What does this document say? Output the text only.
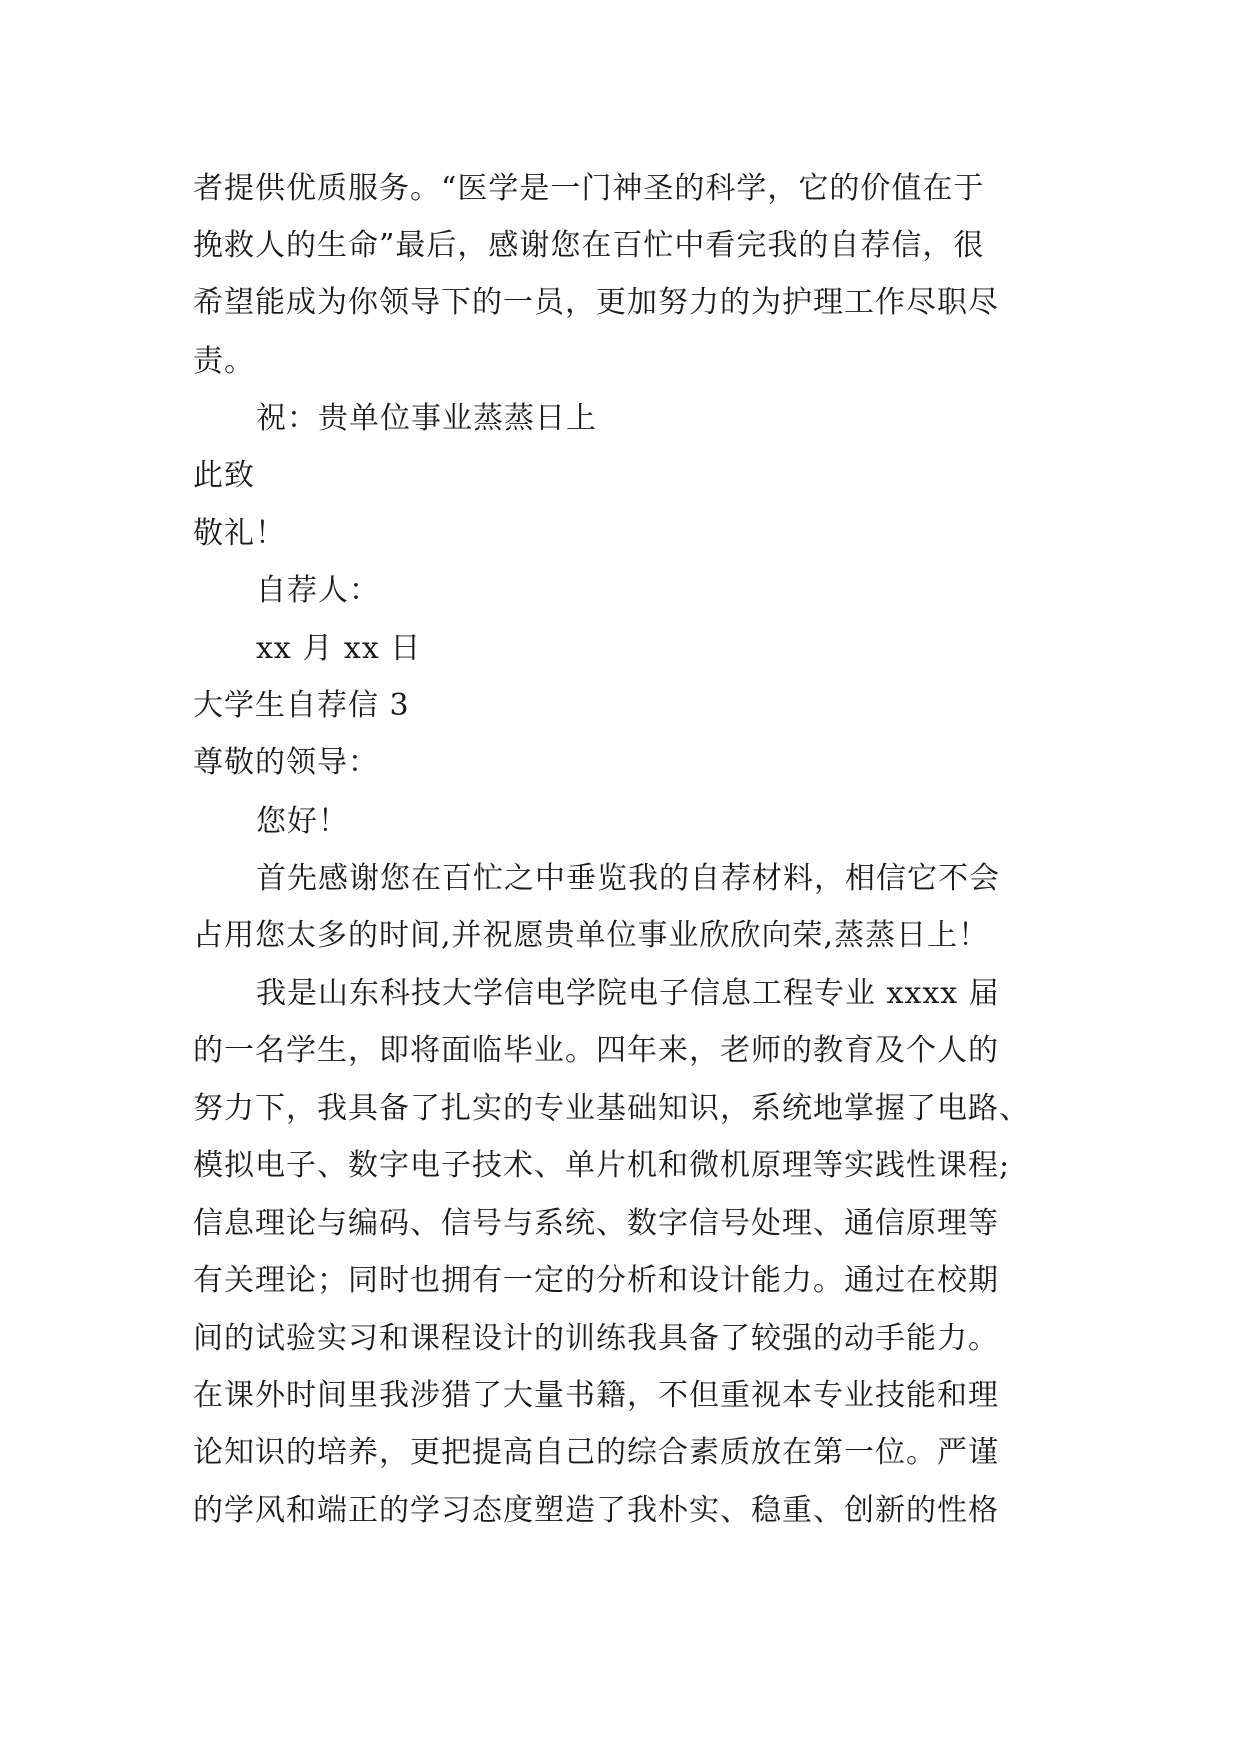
者提供优质服务。“医学是一门神圣的科学，它的价值在于
挽救人的生命”最后，感谢您在百忙中看完我的自荐信，很
希望能成为你领导下的一员，更加努力的为护理工作尽职尽
责。
祝：贵单位事业蒸蒸日上
此致
敬礼！
自荐人：
xx 月 xx 日
大学生自荐信 3
尊敬的领导：
您好！
首先感谢您在百忙之中垂览我的自荐材料，相信它不会
占用您太多的时间,并祝愿贵单位事业欣欣向荣,蒸蒸日上！
我是山东科技大学信电学院电子信息工程专业 xxxx 届
的一名学生，即将面临毕业。四年来，老师的教育及个人的
努力下，我具备了扎实的专业基础知识，系统地掌握了电路、
模拟电子、数字电子技术、单片机和微机原理等实践性课程;
信息理论与编码、信号与系统、数字信号处理、通信原理等
有关理论；同时也拥有一定的分析和设计能力。通过在校期
间的试验实习和课程设计的训练我具备了较强的动手能力。
在课外时间里我涉猎了大量书籍，不但重视本专业技能和理
论知识的培养，更把提高自己的综合素质放在第一位。严谨
的学风和端正的学习态度塑造了我朴实、稳重、创新的性格
